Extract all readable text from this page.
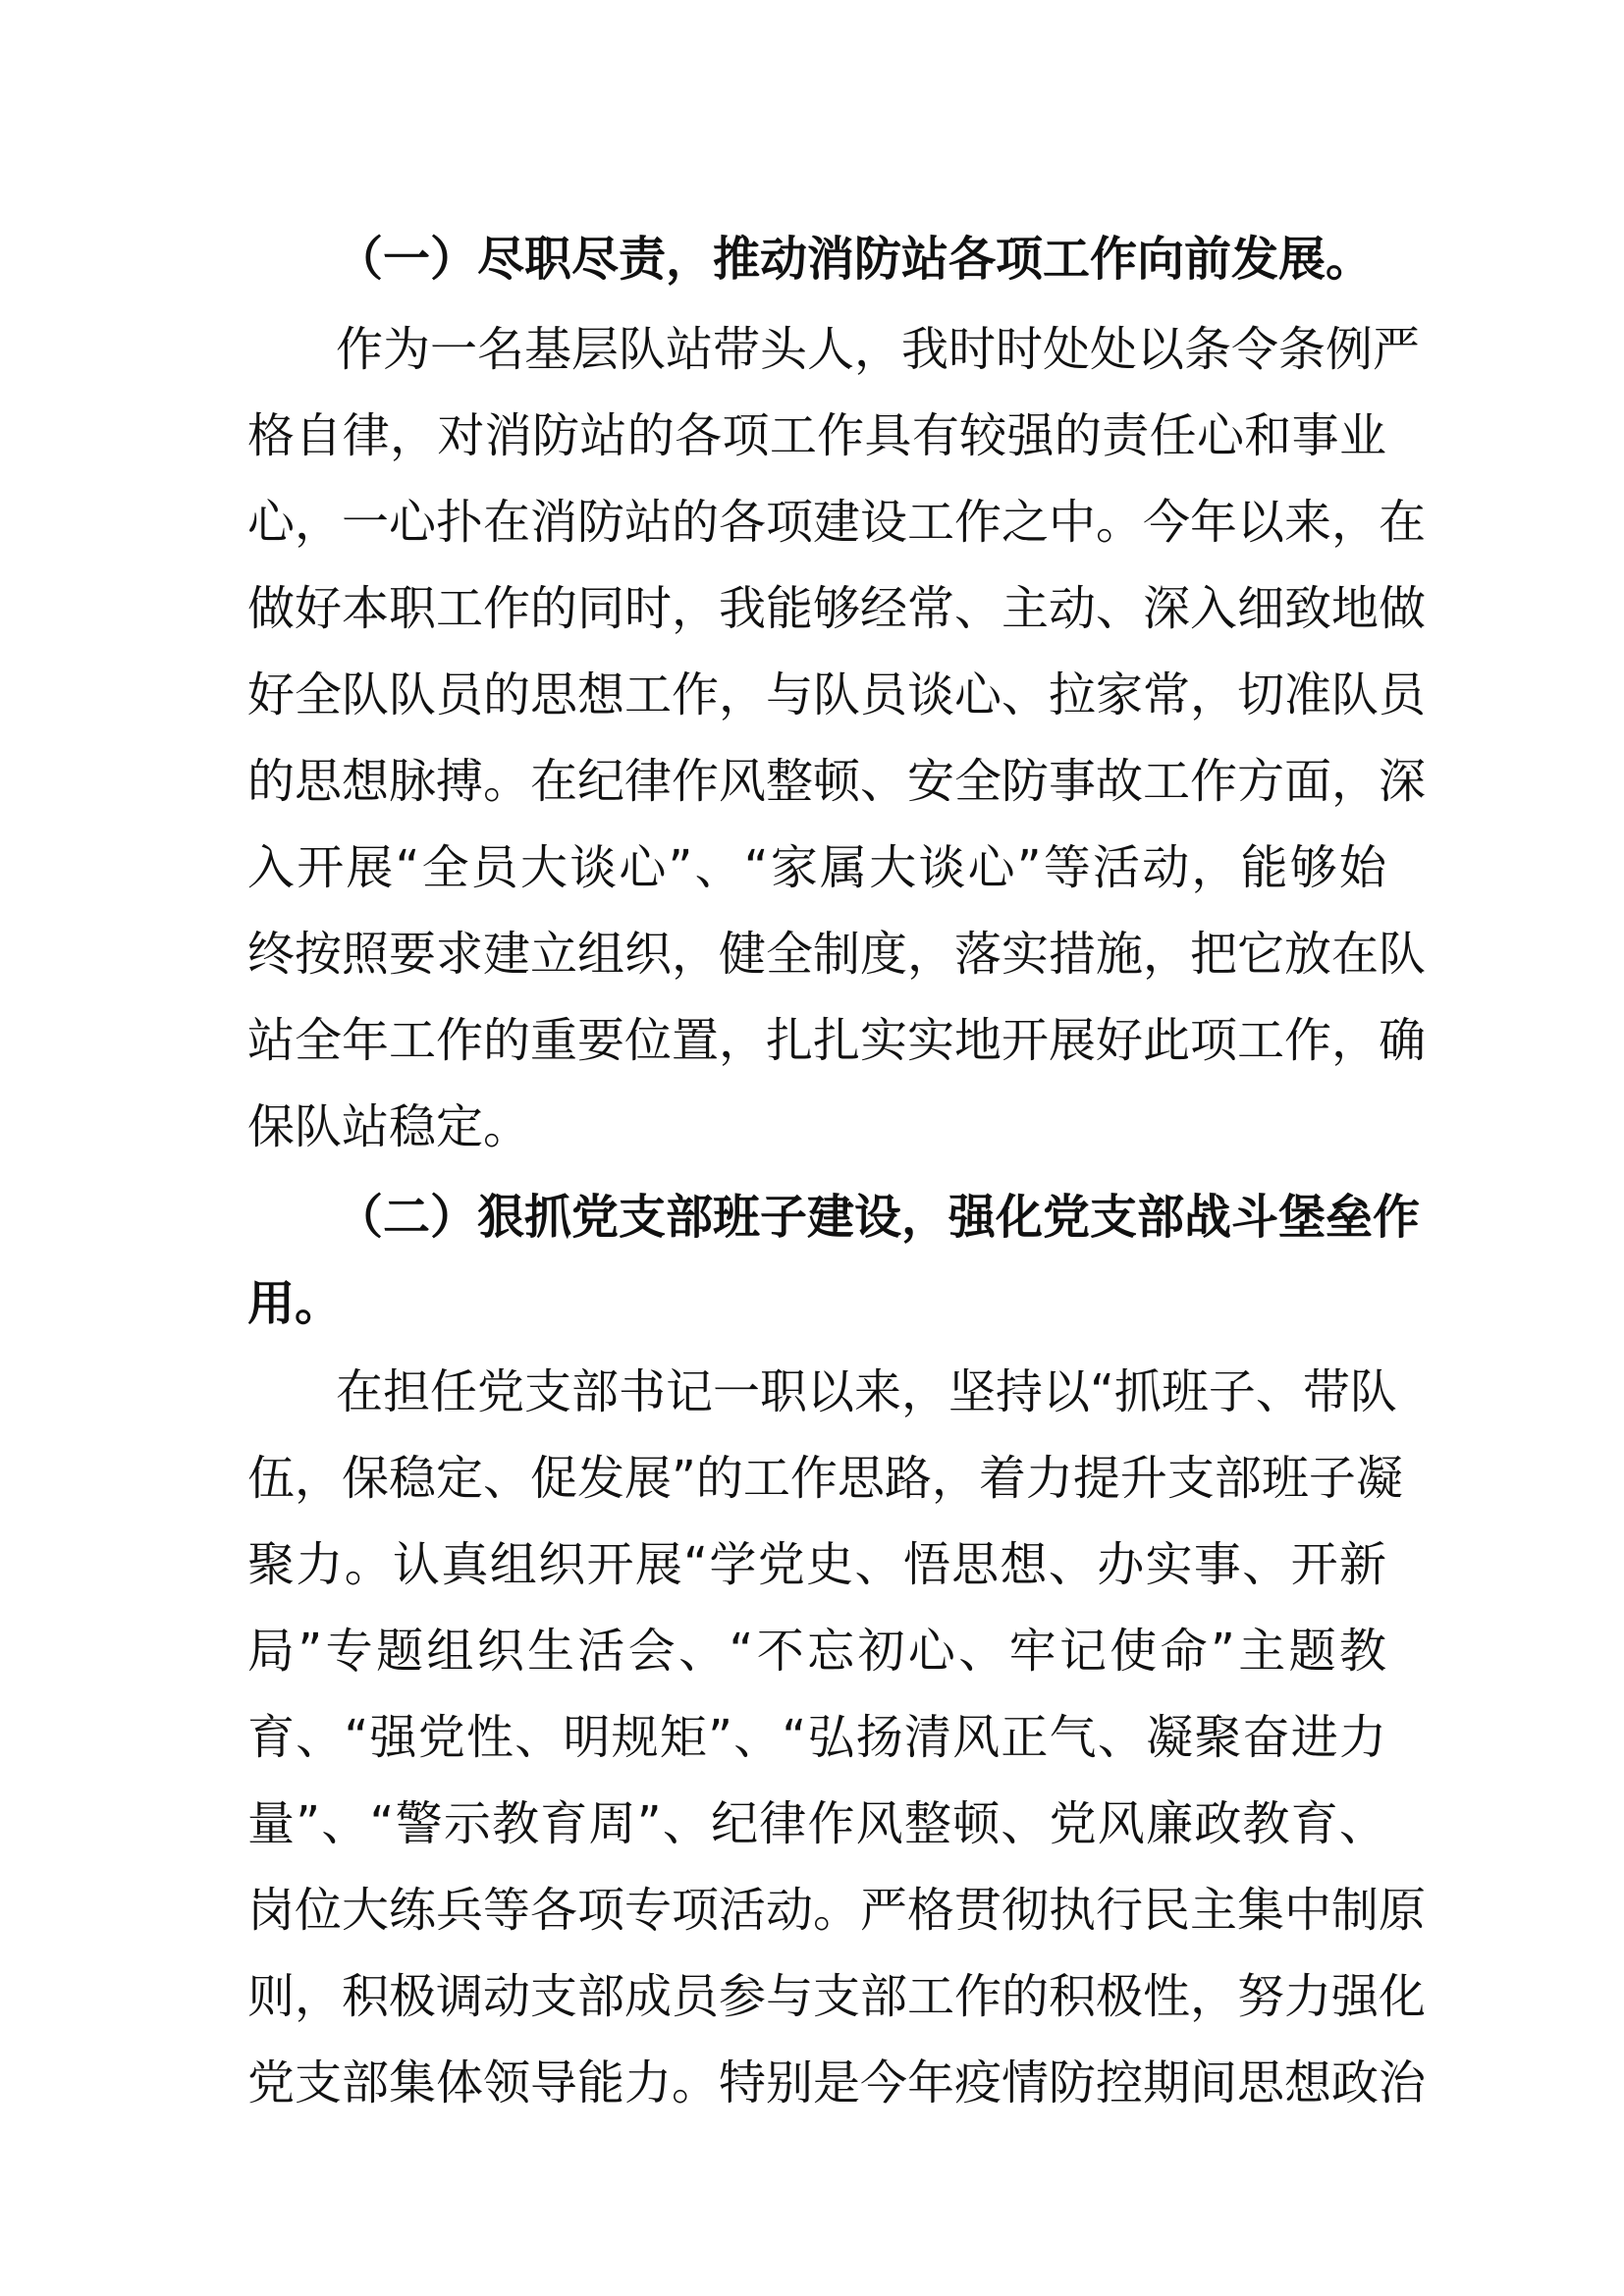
（一）尽职尽责，推动消防站各项工作向前发展。

作为一名基层队站带头人，我时时处处以条令条例严

格自律，对消防站的各项工作具有较强的责任心和事业

心，一心扑在消防站的各项建设工作之中。今年以来，在

做好本职工作的同时，我能够经常、主动、深入细致地做

好全队队员的思想工作，与队员谈心、拉家常，切准队员

的思想脉搏。在纪律作风整顿、安全防事故工作方面，深

入开展“全员大谈心”、“家属大谈心”等活动，能够始

终按照要求建立组织，健全制度，落实措施，把它放在队

站全年工作的重要位置，扎扎实实地开展好此项工作，确

保队站稳定。

（二）狠抓党支部班子建设，强化党支部战斗堡垒作

用。

在担任党支部书记一职以来，坚持以“抓班子、带队

伍，保稳定、促发展”的工作思路，着力提升支部班子凝

聚力。认真组织开展“学党史、悟思想、办实事、开新

局”专题组织生活会、“不忘初心、牢记使命”主题教

育、“强党性、明规矩”、“弘扬清风正气、凝聚奋进力

量”、“警示教育周”、纪律作风整顿、党风廉政教育、

岗位大练兵等各项专项活动。严格贯彻执行民主集中制原

则，积极调动支部成员参与支部工作的积极性，努力强化

党支部集体领导能力。特别是今年疫情防控期间思想政治
